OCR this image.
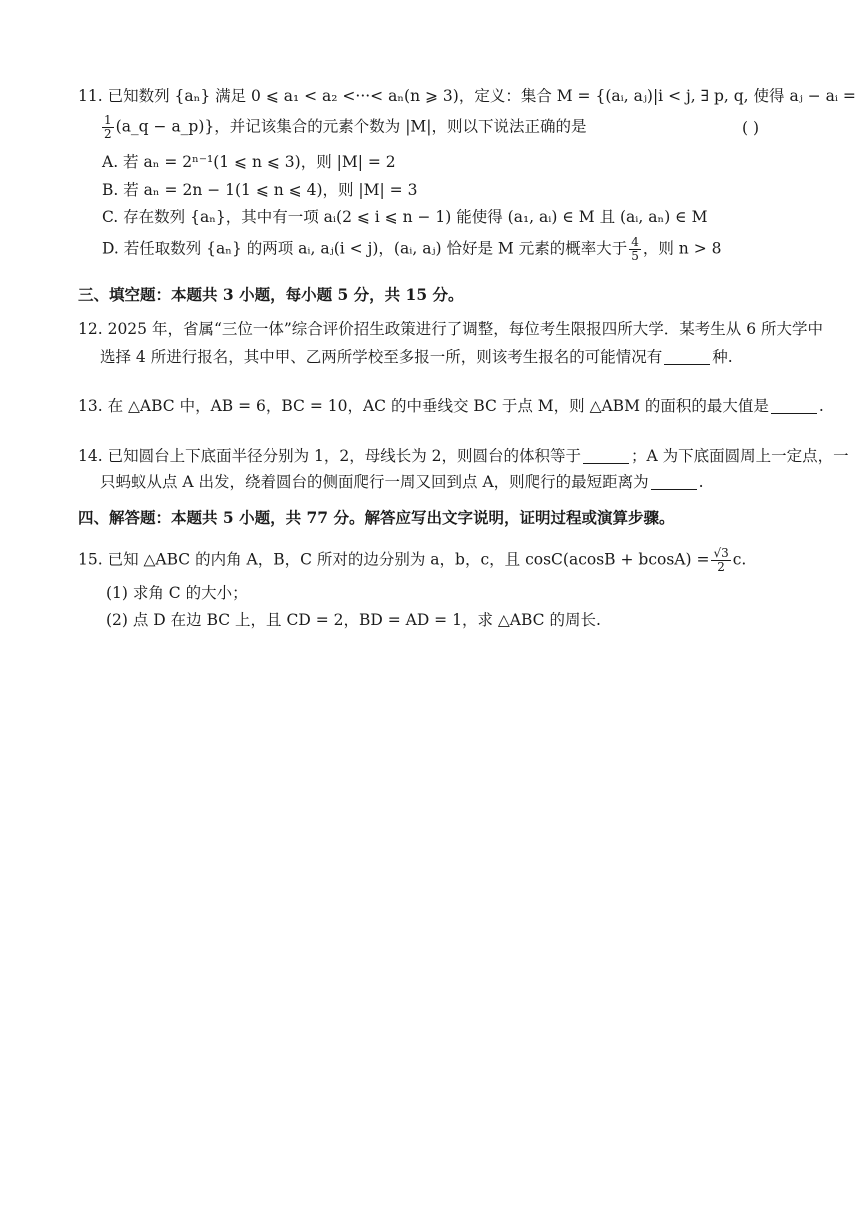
11. 已知数列 {aₙ} 满足 0 ⩽ a₁ < a₂ <···< aₙ(n ⩾ 3)，定义：集合 M = {(aᵢ, aⱼ)|i < j, ∃ p, q, 使得 aⱼ − aᵢ =
$\frac{1}{2}$ (a_q − a_p)}，并记该集合的元素个数为 |M|，则以下说法正确的是	( )
A. 若 aₙ = 2ⁿ⁻¹(1 ⩽ n ⩽ 3)，则 |M| = 2
B. 若 aₙ = 2n − 1(1 ⩽ n ⩽ 4)，则 |M| = 3
C. 存在数列 {aₙ}，其中有一项 aᵢ(2 ⩽ i ⩽ n − 1) 能使得 (a₁, aᵢ) ∈ M 且 (aᵢ, aₙ) ∈ M
D. 若任取数列 {aₙ} 的两项 aᵢ, aⱼ(i < j)，(aᵢ, aⱼ) 恰好是 M 元素的概率大于 $\frac{4}{5}$ ，则 n > 8
三、填空题：本题共 3 小题，每小题 5 分，共 15 分。
12. 2025 年，省属“三位一体”综合评价招生政策进行了调整，每位考生限报四所大学．某考生从 6 所大学中
选择 4 所进行报名，其中甲、乙两所学校至多报一所，则该考生报名的可能情况有	种.
13. 在 △ABC 中，AB = 6，BC = 10，AC 的中垂线交 BC 于点 M，则 △ABM 的面积的最大值是	.
14. 已知圆台上下底面半径分别为 1，2，母线长为 2，则圆台的体积等于	；A 为下底面圆周上一定点，一
只蚂蚁从点 A 出发，绕着圆台的侧面爬行一周又回到点 A，则爬行的最短距离为	.
四、解答题：本题共 5 小题，共 77 分。解答应写出文字说明，证明过程或演算步骤。
15. 已知 △ABC 的内角 A，B，C 所对的边分别为 a，b，c，且 $\cos C(acosB + bcosA) = \frac{√3}{2} c$.
(1) 求角 C 的大小；
(2) 点 D 在边 BC 上，且 CD = 2，BD = AD = 1，求 △ABC 的周长.
